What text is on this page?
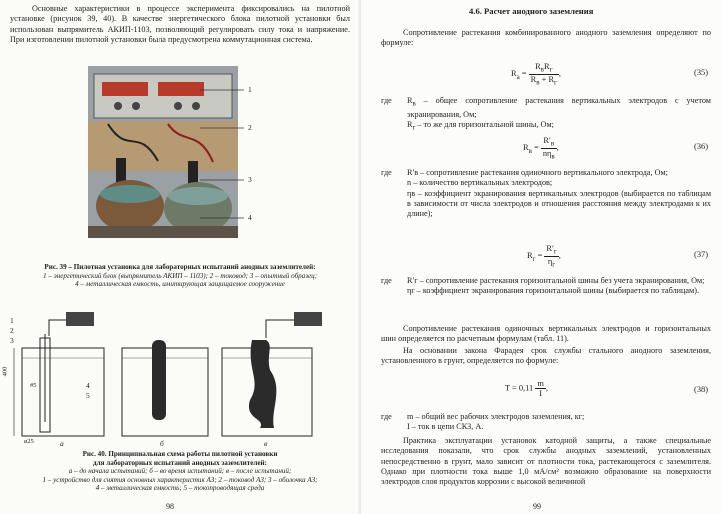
Основные характеристики в процессе эксперимента фиксировались на пилотной установке (рисунок 39, 40). В качестве энергетического блока пилотной установки был использован выпрямитель АКИП-1103, позволяющий регулировать силу тока и напряжение. При изготовлении пилотной установки была предусмотрена коммутационная система.

1
2
3
4
Рис. 39 – Пилотная установка для лабораторных испытаний анодных заземлителей:
1 – энергетический блок (выпрямитель АКИП – 1103); 2 – токовод; 3 – опытный образец;
4 – металлическая емкость, имитирующая защищаемое сооружение
1
2
3
4
5
400
#5
ø25	а	б	в
Рис. 40. Принципиальная схема работы пилотной установки
для лабораторных испытаний анодных заземлителей:
а – до начала испытаний; б – во время испытаний; в – после испытаний;
1 – устройство для снятия основных характеристик АЗ; 2 – токовод АЗ; 3 – оболочка АЗ;
4 – металлическая емкость; 5 – токопроводящая среда
98
4.6. Расчет анодного заземления

Сопротивление растекания комбинированного анодного заземления определяют по формуле:

$R_а = \frac{R_вR_г}{R_в + R_г}$ ,	(35)
где	$R_в$ – общее сопротивление растекания вертикальных электродов с учетом экранирования, Ом;
$R_г$ – то же для горизонтальной шины, Ом;
$R_в = \frac{R'_в}{n\eta_в}$ ,	(36)
где	R′в – сопротивление растекания одиночного вертикального электрода, Ом;
n – количество вертикальных электродов;
ηв – коэффициент экранирования вертикальных электродов (выбирается по таблицам в зависимости от числа электродов и отношения расстояния между электродами к их длине);
$R_г = \frac{R'_г}{\eta_г}$ ,	(37)
где	R′г – сопротивление растекания горизонтальной шины без учета экранирования, Ом;
ηг – коэффициент экранирования горизонтальной шины (выбирается по таблицам).

Сопротивление растекания одиночных вертикальных электродов и горизонтальных шин определяется по расчетным формулам (табл. 11).

На основании закона Фарадея срок службы стального анодного заземления, установленного в грунт, определяется по формуле:

$T = 0,11 \frac{m}{I}$ ,	(38)
где	m – общий вес рабочих электродов заземления, кг;
I – ток в цепи СКЗ, А.

Практика эксплуатации установок катодной защиты, а также специальные исследования показали, что срок службы анодных заземлений, установленных непосредственно в грунт, мало зависит от плотности тока, растекающегося с заземлителя. Однако при плотности тока выше 1,0 мА/см² возможно образование на поверхности электродов слоя продуктов коррозии с высокой величиной

99
